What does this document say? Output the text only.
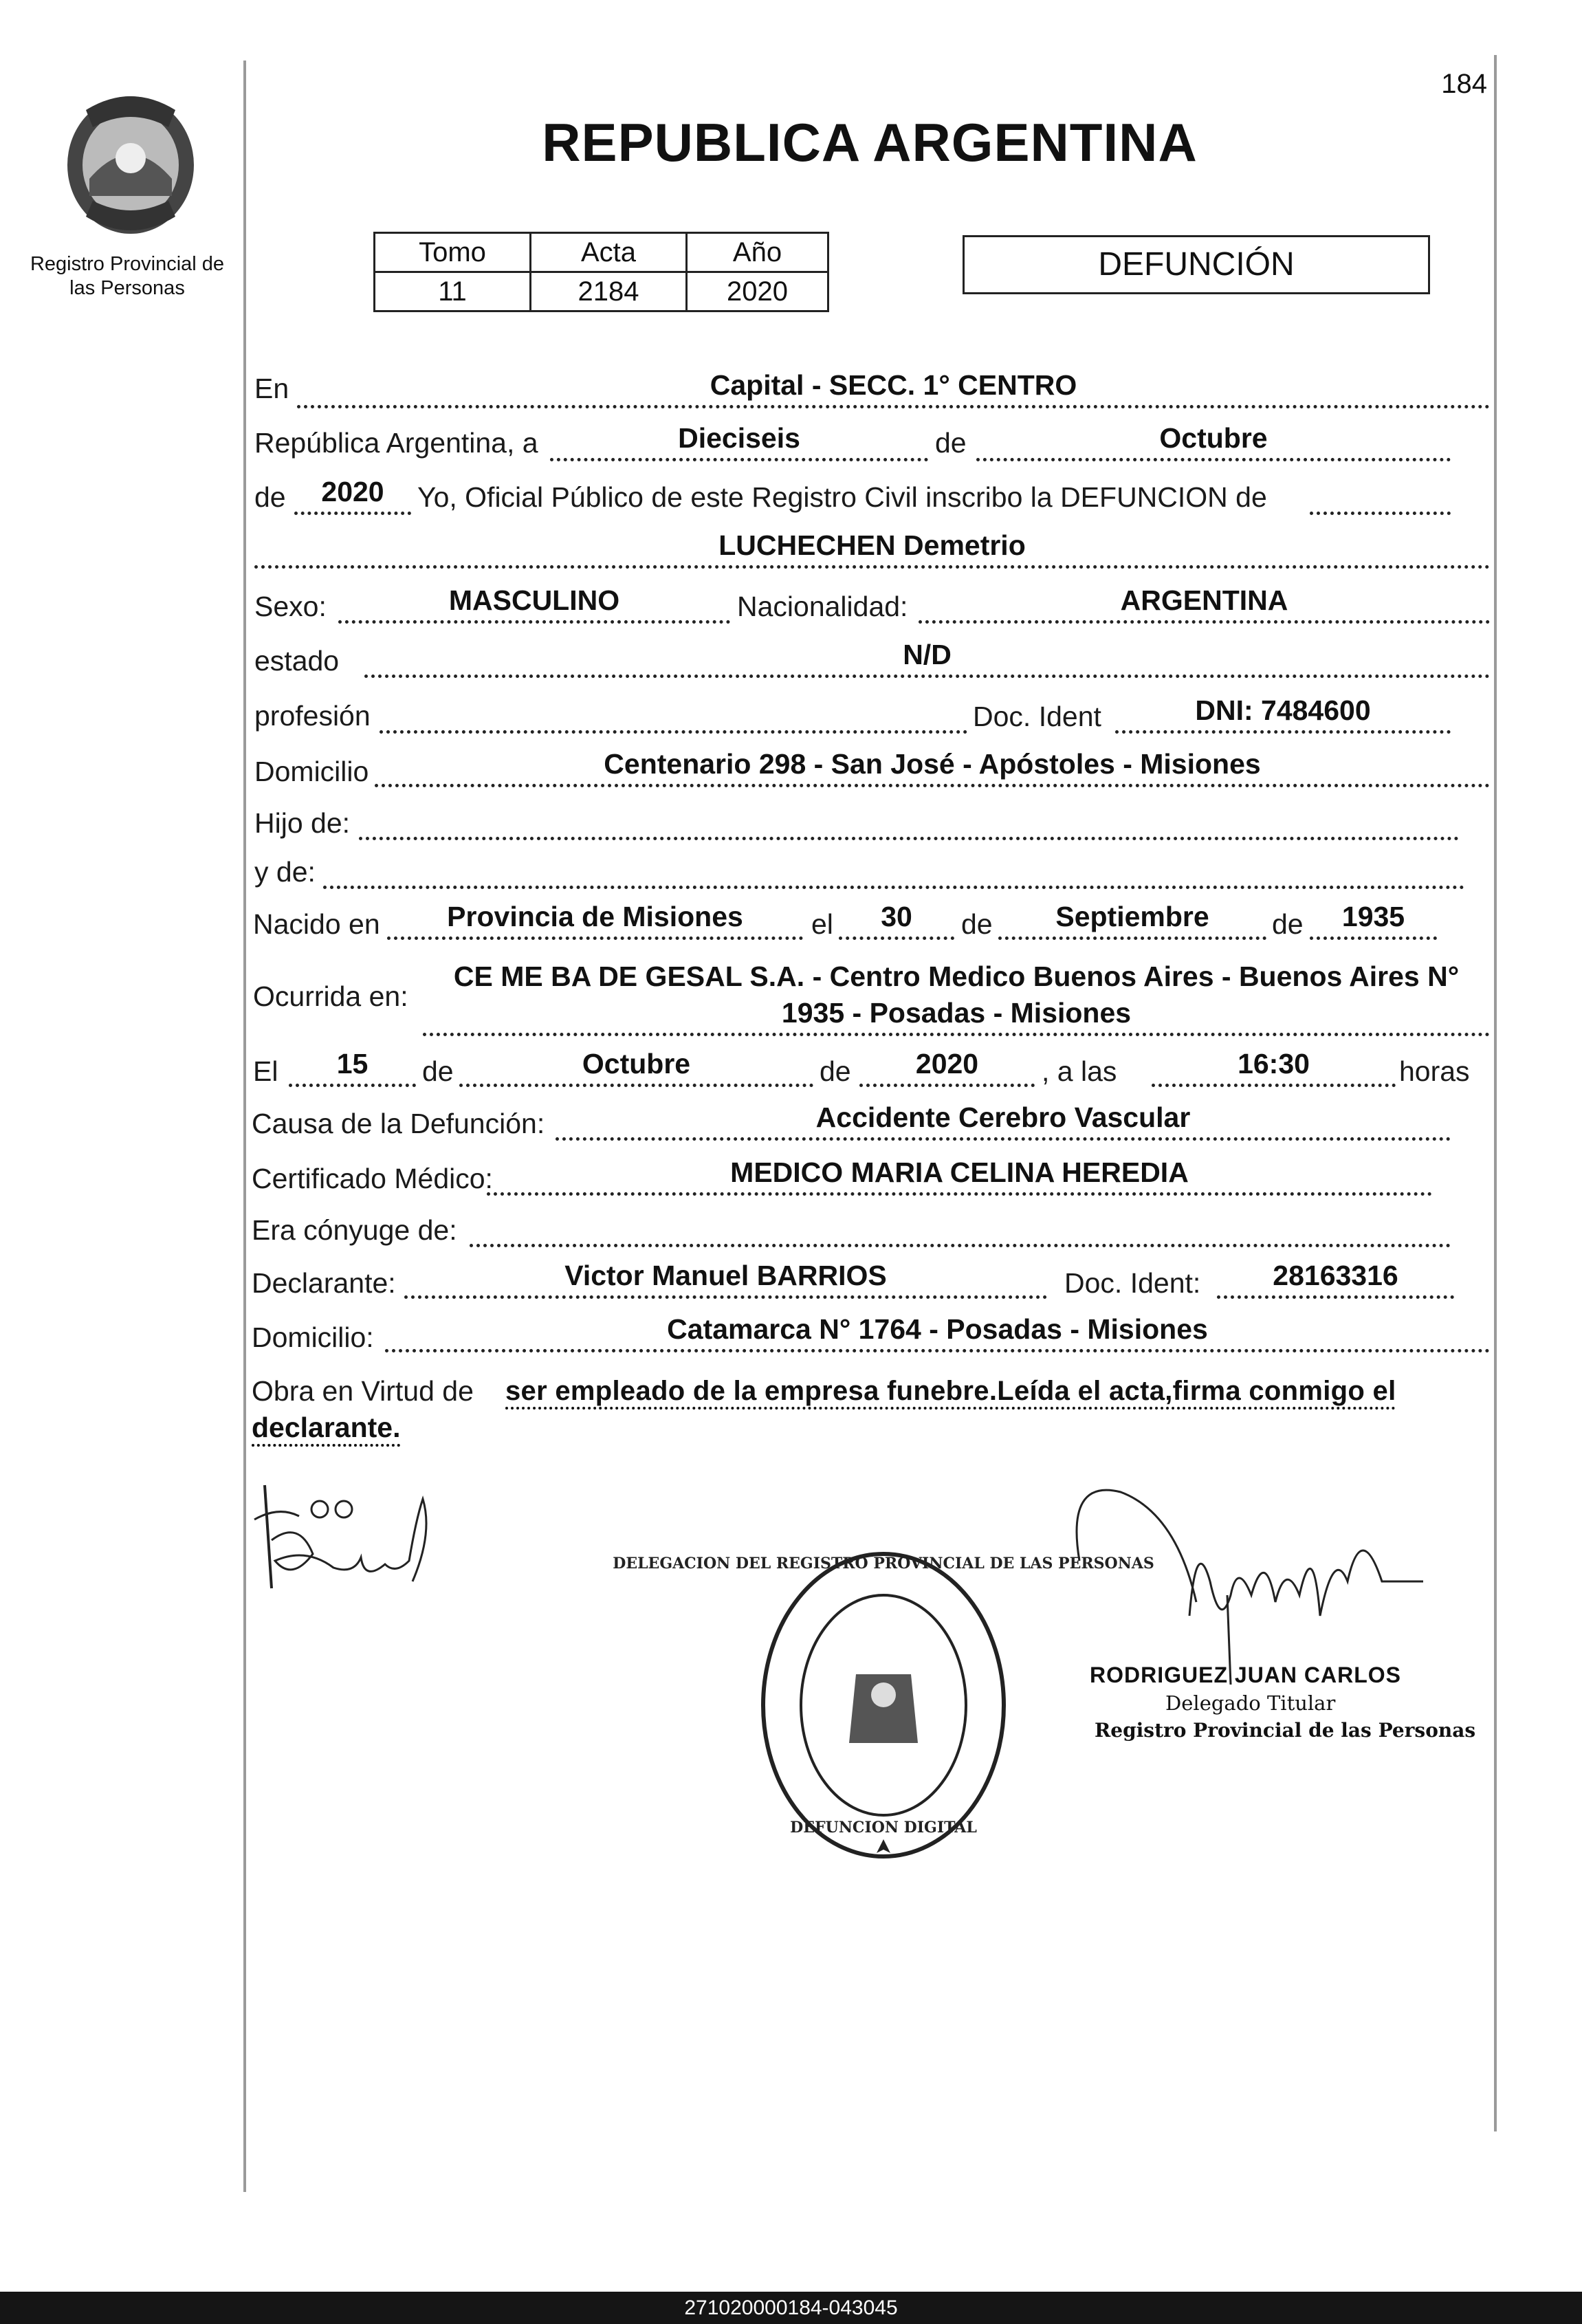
Registro Provincial de
las Personas
184
REPUBLICA ARGENTINA
Tomo	Acta	Año
11	2184	2020
DEFUNCIÓN
En	Capital - SECC. 1° CENTRO
República Argentina, a	Dieciseis	de	Octubre
de	2020	Yo, Oficial Público de este Registro Civil inscribo la DEFUNCION de
LUCHECHEN Demetrio
Sexo:	MASCULINO	Nacionalidad:	ARGENTINA
estado	N/D
profesión	Doc. Ident	DNI: 7484600
Domicilio	Centenario 298 - San José - Apóstoles - Misiones
Hijo de:
y de:
Nacido en	Provincia de Misiones	el	30	de	Septiembre	de	1935
Ocurrida en:
CE ME BA DE GESAL S.A. - Centro Medico Buenos Aires - Buenos Aires N°
1935 - Posadas - Misiones
El	15	de	Octubre	de	2020	, a las	16:30	horas
Causa de la Defunción:	Accidente Cerebro Vascular
Certificado Médico:	MEDICO MARIA CELINA HEREDIA
Era cónyuge de:
Declarante:	Victor Manuel BARRIOS	Doc. Ident:	28163316
Domicilio:	Catamarca N° 1764 - Posadas - Misiones
Obra en Virtud de ser empleado de la empresa funebre.Leída el acta,firma conmigo el
declarante.
DELEGACION DEL REGISTRO PROVINCIAL DE LAS PERSONAS
DEFUNCION DIGITAL
RODRIGUEZ JUAN CARLOS
Delegado Titular
Registro Provincial de las Personas
271020000184-043045
